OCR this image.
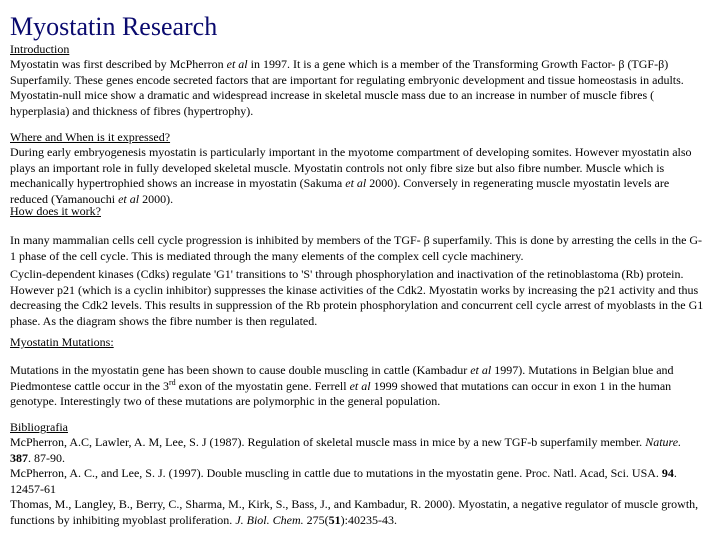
Myostatin Research
Introduction

Myostatin was first described by McPherron et al in 1997. It is a gene which is a member of the Transforming Growth Factor- β (TGF-β) Superfamily. These genes encode secreted factors that are important for regulating embryonic development and tissue homeostasis in adults. Myostatin-null mice show a dramatic and widespread increase in skeletal muscle mass due to an increase in number of muscle fibres ( hyperplasia) and thickness of fibres (hypertrophy).

Where and When is it expressed?

During early embryogenesis myostatin is particularly important in the myotome compartment of developing somites. However myostatin also plays an important role in fully developed skeletal muscle. Myostatin controls not only fibre size but also fibre number. Muscle which is mechanically hypertrophied shows an increase in myostatin (Sakuma et al 2000). Conversely in regenerating muscle myostatin levels are reduced (Yamanouchi et al 2000).

How does it work?

In many mammalian cells cell cycle progression is inhibited by members of the TGF- β superfamily. This is done by arresting the cells in the G-1 phase of the cell cycle. This is mediated through the many elements of the complex cell cycle machinery.

Cyclin-dependent kinases (Cdks) regulate 'G1' transitions to 'S' through phosphorylation and inactivation of the retinoblastoma (Rb) protein. However p21 (which is a cyclin inhibitor) suppresses the kinase activities of the Cdk2. Myostatin works by increasing the p21 activity and thus decreasing the Cdk2 levels. This results in suppression of the Rb protein phosphorylation and concurrent cell cycle arrest of myoblasts in the G1 phase. As the diagram shows the fibre number is then regulated.

Myostatin Mutations:

Mutations in the myostatin gene has been shown to cause double muscling in cattle (Kambadur et al 1997). Mutations in Belgian blue and Piedmontese cattle occur in the 3rd exon of the myostatin gene. Ferrell et al 1999 showed that mutations can occur in exon 1 in the human genotype. Interestingly two of these mutations are polymorphic in the general population.

Bibliografia

McPherron, A.C, Lawler, A. M, Lee, S. J (1987). Regulation of skeletal muscle mass in mice by a new TGF-b superfamily member. Nature.
387. 87-90.

McPherron, A. C., and Lee, S. J. (1997). Double muscling in cattle due to mutations in the myostatin gene. Proc. Natl. Acad, Sci. USA. 94. 12457-61

Thomas, M., Langley, B., Berry, C., Sharma, M., Kirk, S., Bass, J., and Kambadur, R. 2000). Myostatin, a negative regulator of muscle growth, functions by inhibiting myoblast proliferation. J. Biol. Chem. 275(51):40235-43.
